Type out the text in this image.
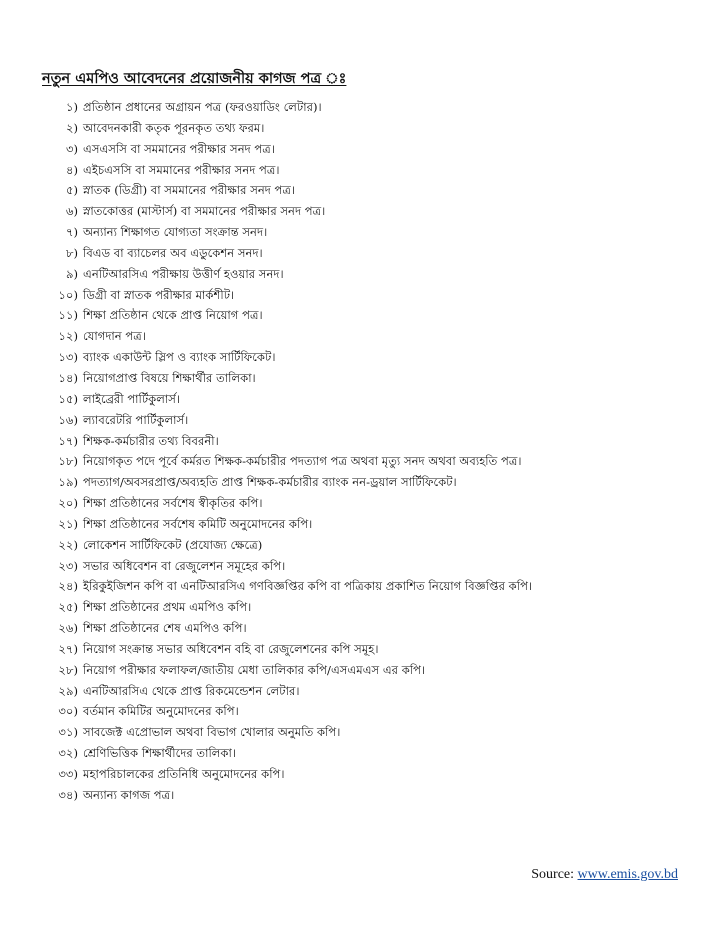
নতুন এমপিও আবেদনের প্রয়োজনীয় কাগজ পত্র ঃ
১) প্রতিষ্ঠান প্রধানের অগ্রায়ন পত্র (ফরওয়াডিং লেটার)।
২) আবেদনকারী কতৃক পূরনকৃত তথ্য ফরম।
৩) এসএসসি বা সমমানের পরীক্ষার সনদ পত্র।
৪) এইচএসসি বা সমমানের পরীক্ষার সনদ পত্র।
৫) স্নাতক (ডিগ্রী) বা সমমানের পরীক্ষার সনদ পত্র।
৬) স্নাতকোত্তর (মাস্টার্স) বা সমমানের পরীক্ষার সনদ পত্র।
৭) অন্যান্য শিক্ষাগত যোগ্যতা সংক্রান্ত সনদ।
৮) বিএড বা ব্যাচেলর অব এডুকেশন সনদ।
৯) এনটিআরসিএ পরীক্ষায় উত্তীর্ণ হওয়ার সনদ।
১০) ডিগ্রী বা স্নাতক পরীক্ষার মার্কশীট।
১১) শিক্ষা প্রতিষ্ঠান থেকে প্রাপ্ত নিয়োগ পত্র।
১২) যোগদান পত্র।
১৩) ব্যাংক একাউন্ট স্লিপ ও ব্যাংক সার্টিফিকেট।
১৪) নিয়োগপ্রাপ্ত বিষয়ে শিক্ষার্থীর তালিকা।
১৫) লাইব্রেরী পার্টিকুলার্স।
১৬) ল্যাবরেটরি পার্টিকুলার্স।
১৭) শিক্ষক-কর্মচারীর তথ্য বিবরনী।
১৮) নিয়োগকৃত পদে পূর্বে কর্মরত শিক্ষক-কর্মচারীর পদত্যাগ পত্র অথবা মৃত্যু সনদ অথবা অব্যহতি পত্র।
১৯) পদত্যাগ/অবসরপ্রাপ্ত/অব্যহতি প্রাপ্ত শিক্ষক-কর্মচারীর ব্যাংক নন-ড্রয়াল সার্টিফিকেট।
২০) শিক্ষা প্রতিষ্ঠানের সর্বশেষ স্বীকৃতির কপি।
২১) শিক্ষা প্রতিষ্ঠানের সর্বশেষ কমিটি অনুমোদনের কপি।
২২) লোকেশন সার্টিফিকেট (প্রযোজ্য ক্ষেত্রে)
২৩) সভার অধিবেশন বা রেজুলেশন সমূহের কপি।
২৪) ইরিকুইজিশন কপি বা এনটিআরসিএ গণবিজ্ঞপ্তির কপি বা পত্রিকায় প্রকাশিত নিয়োগ বিজ্ঞপ্তির কপি।
২৫) শিক্ষা প্রতিষ্ঠানের প্রথম এমপিও কপি।
২৬) শিক্ষা প্রতিষ্ঠানের শেষ এমপিও কপি।
২৭) নিয়োগ সংক্রান্ত সভার অধিবেশন বহি বা রেজুলেশনের কপি সমূহ।
২৮) নিয়োগ পরীক্ষার ফলাফল/জাতীয় মেধা তালিকার কপি/এসএমএস এর কপি।
২৯) এনটিআরসিএ থেকে প্রাপ্ত রিকমেন্ডেশন লেটার।
৩০) বর্তমান কমিটির অনুমোদনের কপি।
৩১) সাবজেক্ট এপ্রোভাল অথবা বিভাগ খোলার অনুমতি কপি।
৩২) শ্রেণিভিত্তিক শিক্ষার্থীদের তালিকা।
৩৩) মহাপরিচালকের প্রতিনিধি অনুমোদনের কপি।
৩৪) অন্যান্য কাগজ পত্র।
Source: www.emis.gov.bd
